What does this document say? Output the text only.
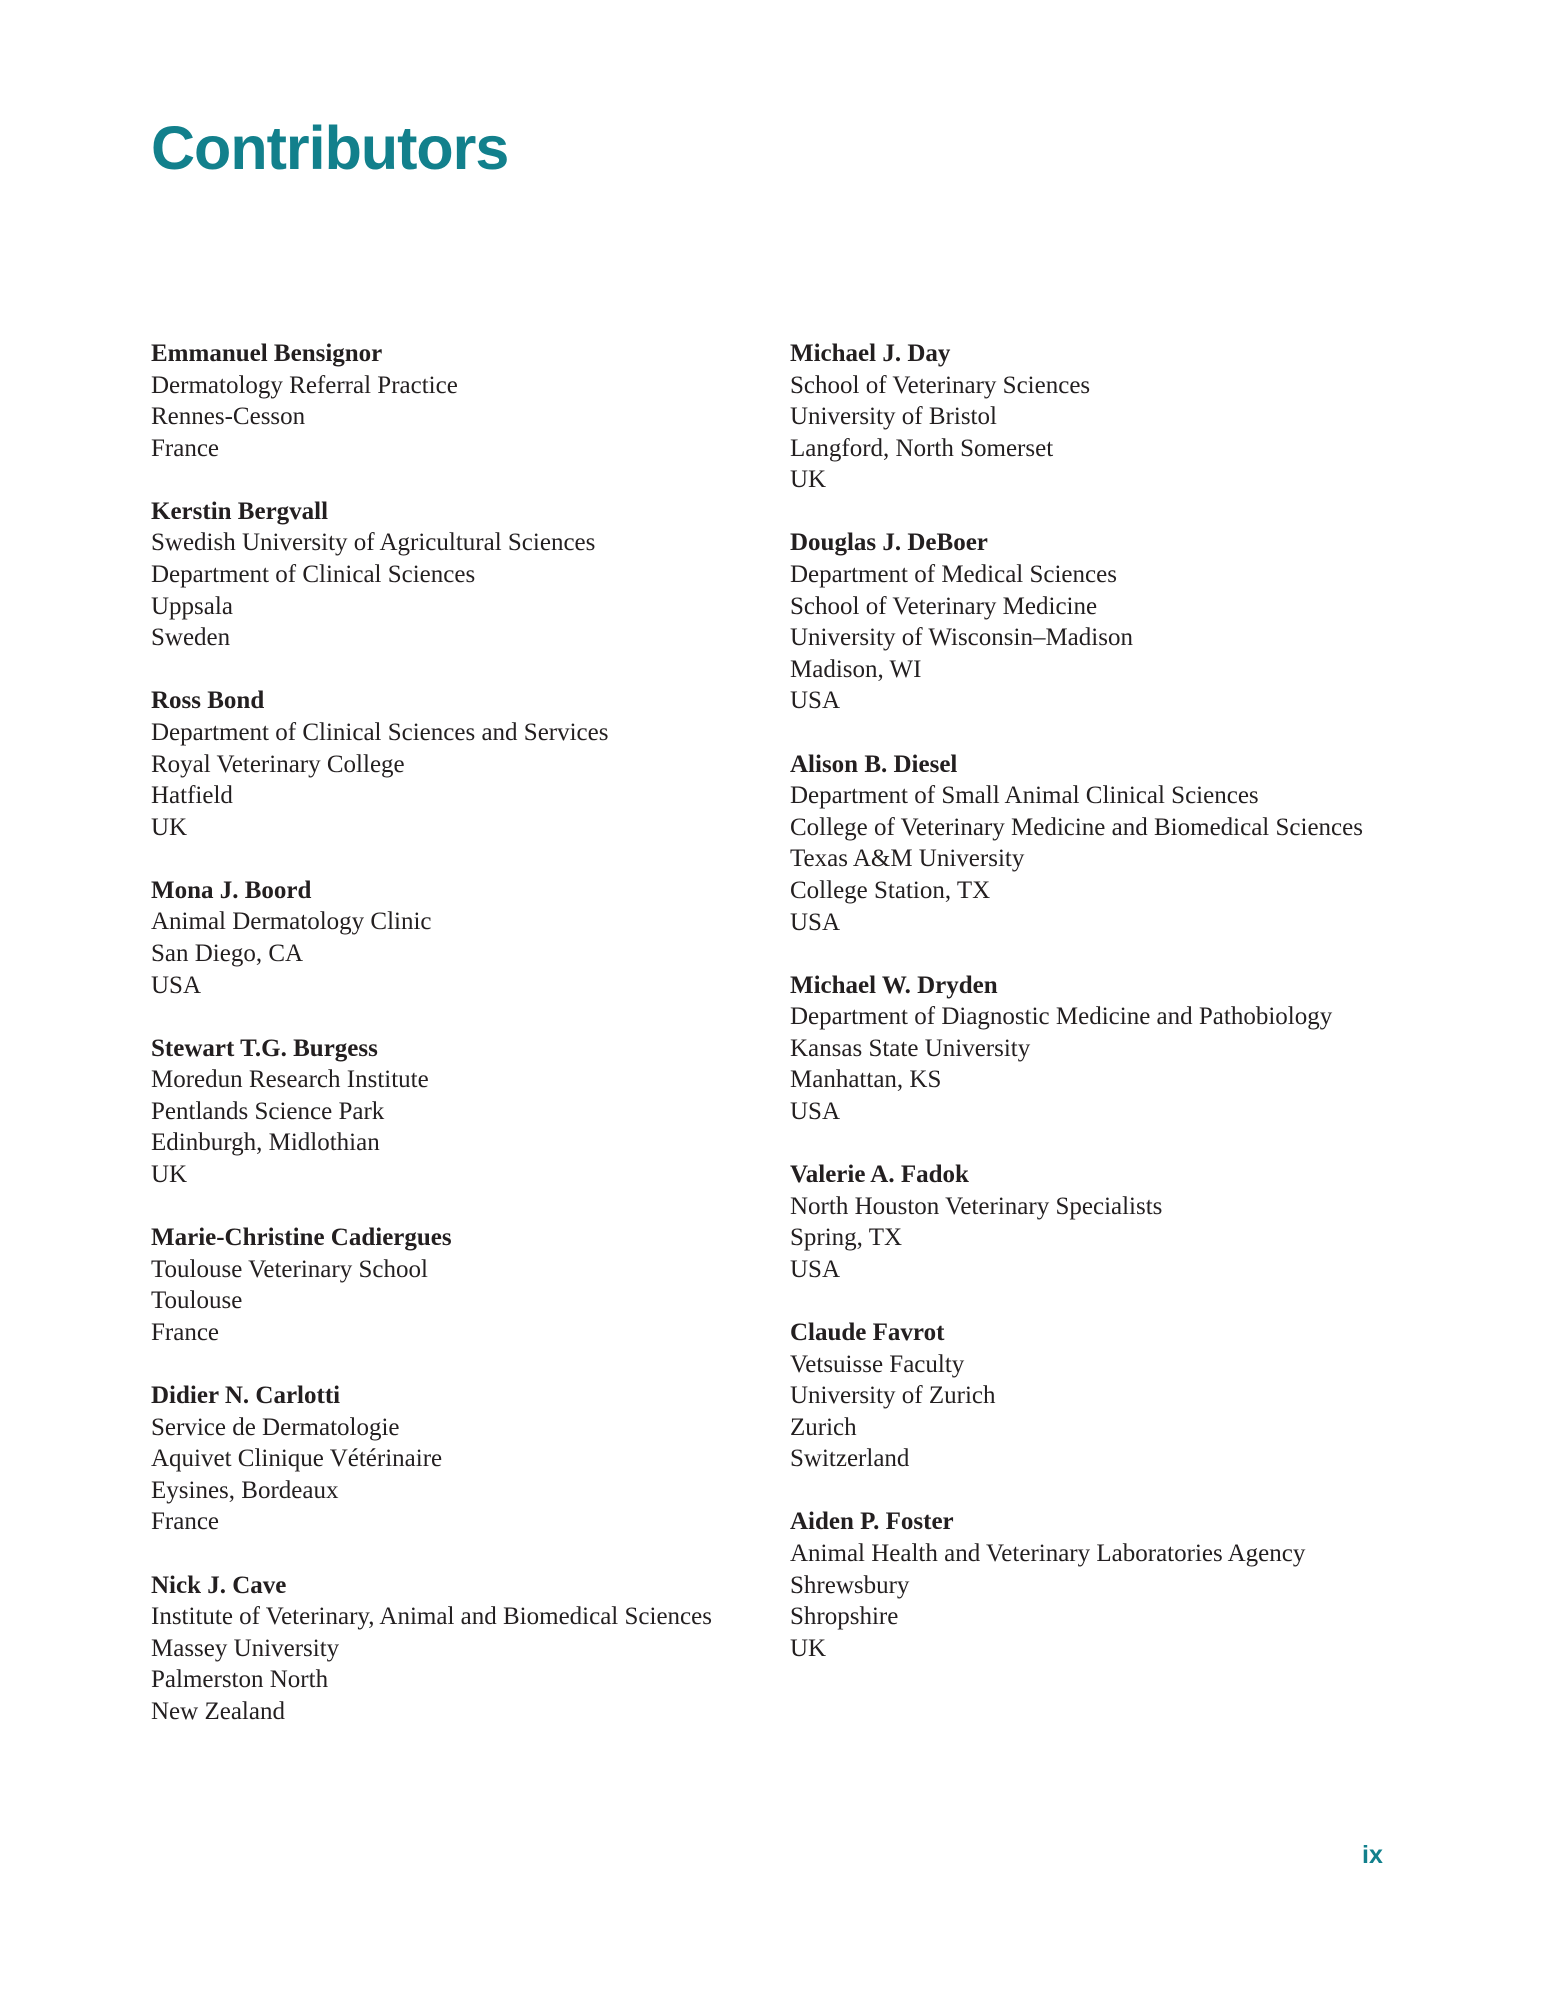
Contributors
Emmanuel Bensignor
Dermatology Referral Practice
Rennes-Cesson
France
Kerstin Bergvall
Swedish University of Agricultural Sciences
Department of Clinical Sciences
Uppsala
Sweden
Ross Bond
Department of Clinical Sciences and Services
Royal Veterinary College
Hatfield
UK
Mona J. Boord
Animal Dermatology Clinic
San Diego, CA
USA
Stewart T.G. Burgess
Moredun Research Institute
Pentlands Science Park
Edinburgh, Midlothian
UK
Marie-Christine Cadiergues
Toulouse Veterinary School
Toulouse
France
Didier N. Carlotti
Service de Dermatologie
Aquivet Clinique Vétérinaire
Eysines, Bordeaux
France
Nick J. Cave
Institute of Veterinary, Animal and Biomedical Sciences
Massey University
Palmerston North
New Zealand
Michael J. Day
School of Veterinary Sciences
University of Bristol
Langford, North Somerset
UK
Douglas J. DeBoer
Department of Medical Sciences
School of Veterinary Medicine
University of Wisconsin–Madison
Madison, WI
USA
Alison B. Diesel
Department of Small Animal Clinical Sciences
College of Veterinary Medicine and Biomedical Sciences
Texas A&M University
College Station, TX
USA
Michael W. Dryden
Department of Diagnostic Medicine and Pathobiology
Kansas State University
Manhattan, KS
USA
Valerie A. Fadok
North Houston Veterinary Specialists
Spring, TX
USA
Claude Favrot
Vetsuisse Faculty
University of Zurich
Zurich
Switzerland
Aiden P. Foster
Animal Health and Veterinary Laboratories Agency
Shrewsbury
Shropshire
UK
ix
